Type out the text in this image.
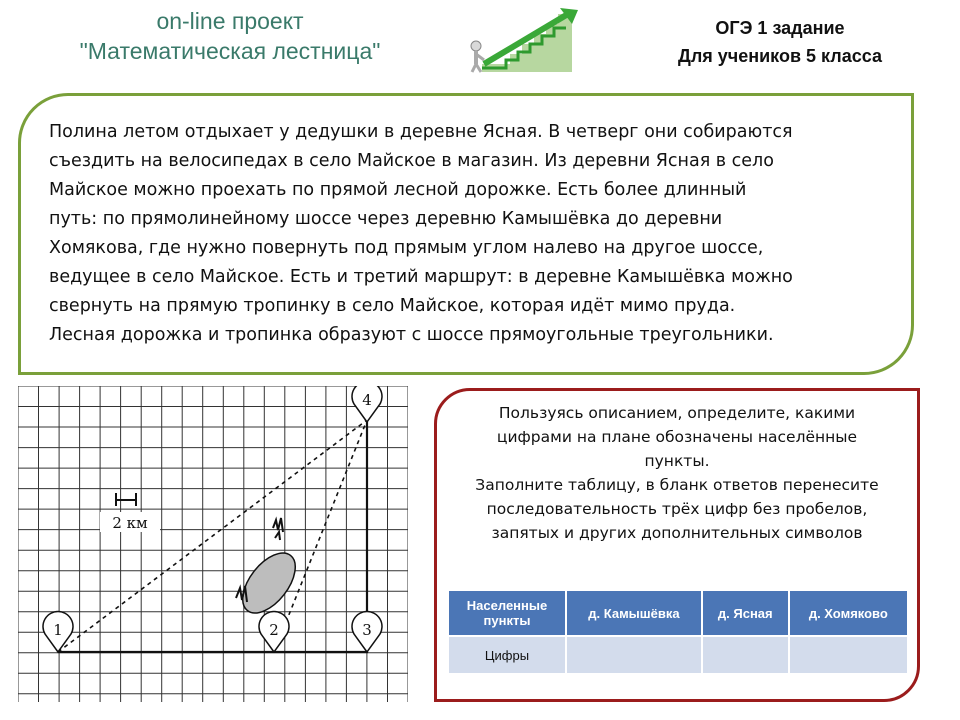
on-line проект
"Математическая лестница"
ОГЭ 1 задание
Для учеников 5 класса
Полина летом отдыхает у дедушки в деревне Ясная. В четверг они собираются
съездить на велосипедах в село Майское в магазин. Из деревни Ясная в село
Майское можно проехать по прямой лесной дорожке. Есть более длинный
путь: по прямолинейному шоссе через деревню Камышёвка до деревни
Хомякова, где нужно повернуть под прямым углом налево на другое шоссе,
ведущее в село Майское. Есть и третий маршрут: в деревне Камышёвка можно
свернуть на прямую тропинку в село Майское, которая идёт мимо пруда.
Лесная дорожка и тропинка образуют с шоссе прямоугольные треугольники.
2 км
1	2	3
4
Пользуясь описанием, определите, какими
цифрами на плане обозначены населённые
пункты.
Заполните таблицу, в бланк ответов перенесите
последовательность трёх цифр без пробелов,
запятых и других дополнительных символов
Населенные пункты	д. Камышёвка	д. Ясная	д. Хомяково
Цифры			
